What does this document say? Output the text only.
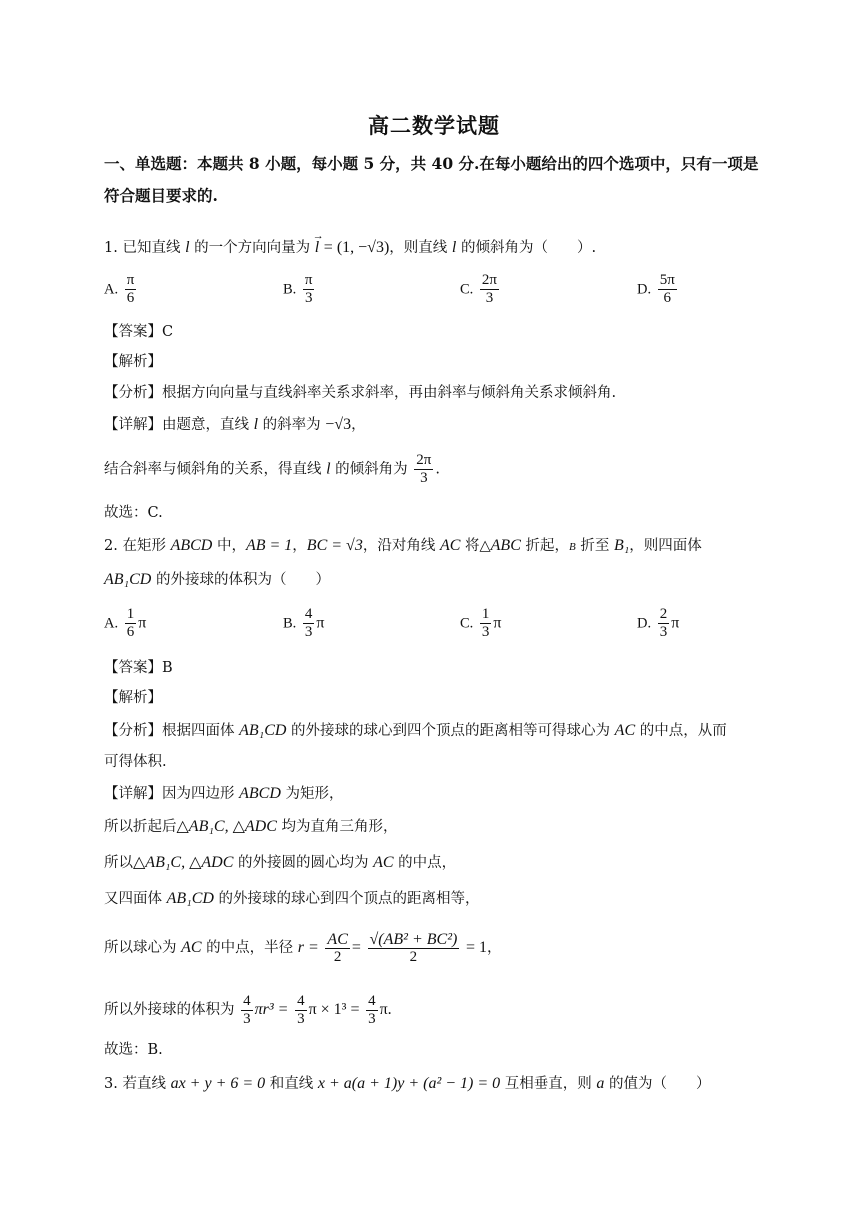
高二数学试题
一、单选题：本题共 8 小题，每小题 5 分，共 40 分.在每小题给出的四个选项中，只有一项是符合题目要求的.
1. 已知直线 l 的一个方向向量为 → l = (1, −√3)，则直线 l 的倾斜角为（　　）.
A. $\frac{\pi}{6}$	B. $\frac{\pi}{3}$	C. $\frac{2\pi}{3}$	D. $\frac{5\pi}{6}$
【答案】C
【解析】
【分析】根据方向向量与直线斜率关系求斜率，再由斜率与倾斜角关系求倾斜角.
【详解】由题意，直线 l 的斜率为 −√3，
结合斜率与倾斜角的关系，得直线 l 的倾斜角为 $\frac{2\pi}{3}$ .
故选：C.
2. 在矩形 ABCD 中，AB = 1，BC = √3，沿对角线 AC 将△ABC 折起，B 折至 B₁，则四面体
AB₁CD 的外接球的体积为（　　）
A. $\frac{1}{6}$ π	B. $\frac{4}{3}$ π	C. $\frac{1}{3}$ π	D. $\frac{2}{3}$ π
【答案】B
【解析】
【分析】根据四面体 AB₁CD 的外接球的球心到四个顶点的距离相等可得球心为 AC 的中点，从而
可得体积.
【详解】因为四边形 ABCD 为矩形，
所以折起后△AB₁C, △ADC 均为直角三角形，
所以△AB₁C, △ADC 的外接圆的圆心均为 AC 的中点，
又四面体 AB₁CD 的外接球的球心到四个顶点的距离相等，
所以球心为 AC 的中点，半径 $r = \frac{AC}{2} = \frac{\text{√(AB² + BC²)}}{2} = 1$，
所以外接球的体积为 $\frac{4}{3} \pi r^3 = \frac{4}{3}$ $\pi \times 1^3 = \frac{4}{3} \pi$.
故选：B.
3. 若直线 ax + y + 6 = 0 和直线 x + a(a + 1)y + (a² − 1) = 0 互相垂直，则 a 的值为（　　）
